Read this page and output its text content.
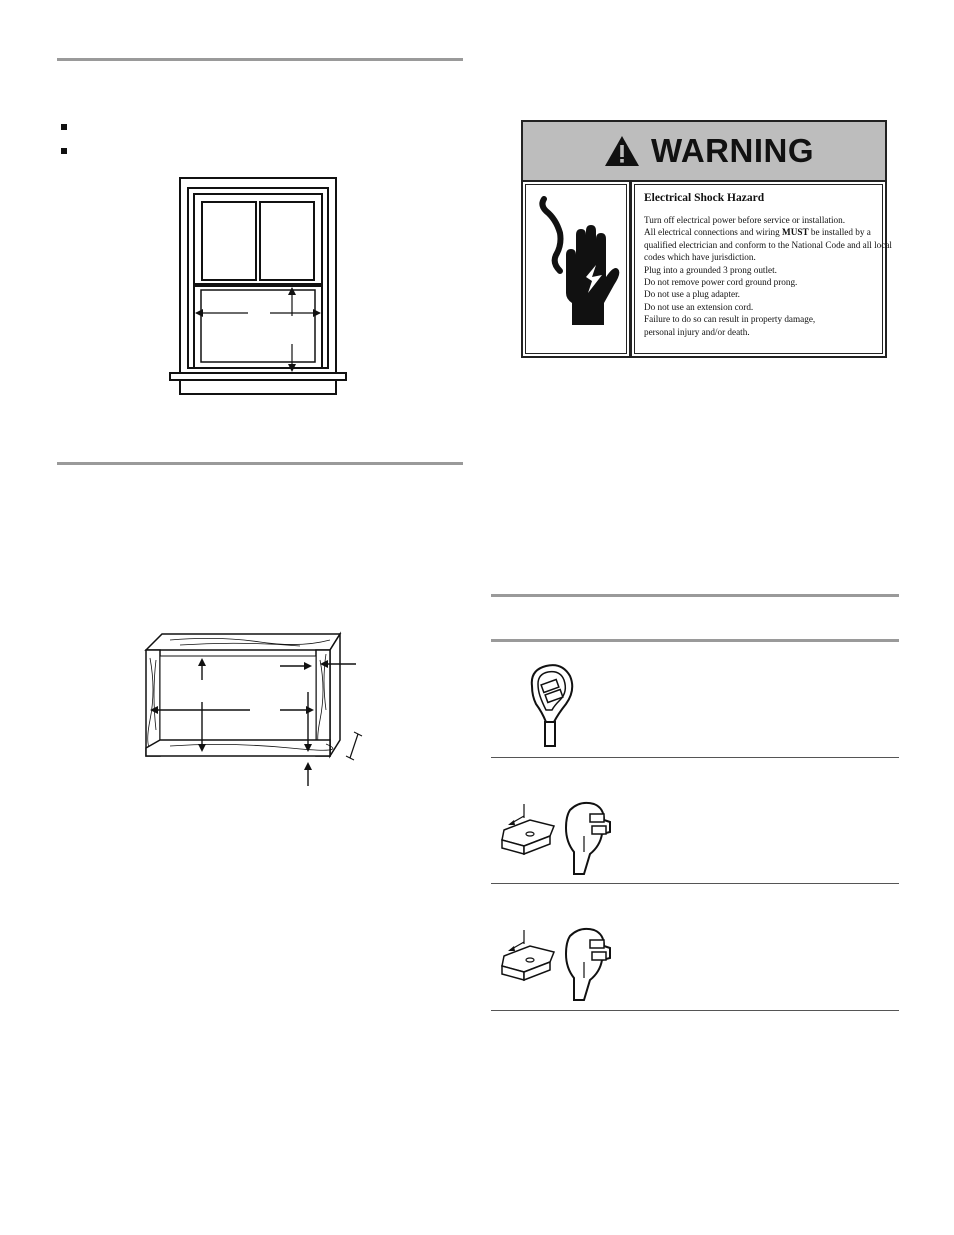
WARNING
Electrical Shock Hazard
Turn off electrical power before service or installation.
All electrical connections and wiring MUST be installed by a
qualified electrician and conform to the National Code and all local
codes which have jurisdiction.
Plug into a grounded 3 prong outlet.
Do not remove power cord ground prong.
Do not use a plug adapter.
Do not use an extension cord.
Failure to do so can result in property damage,
personal injury and/or death.
